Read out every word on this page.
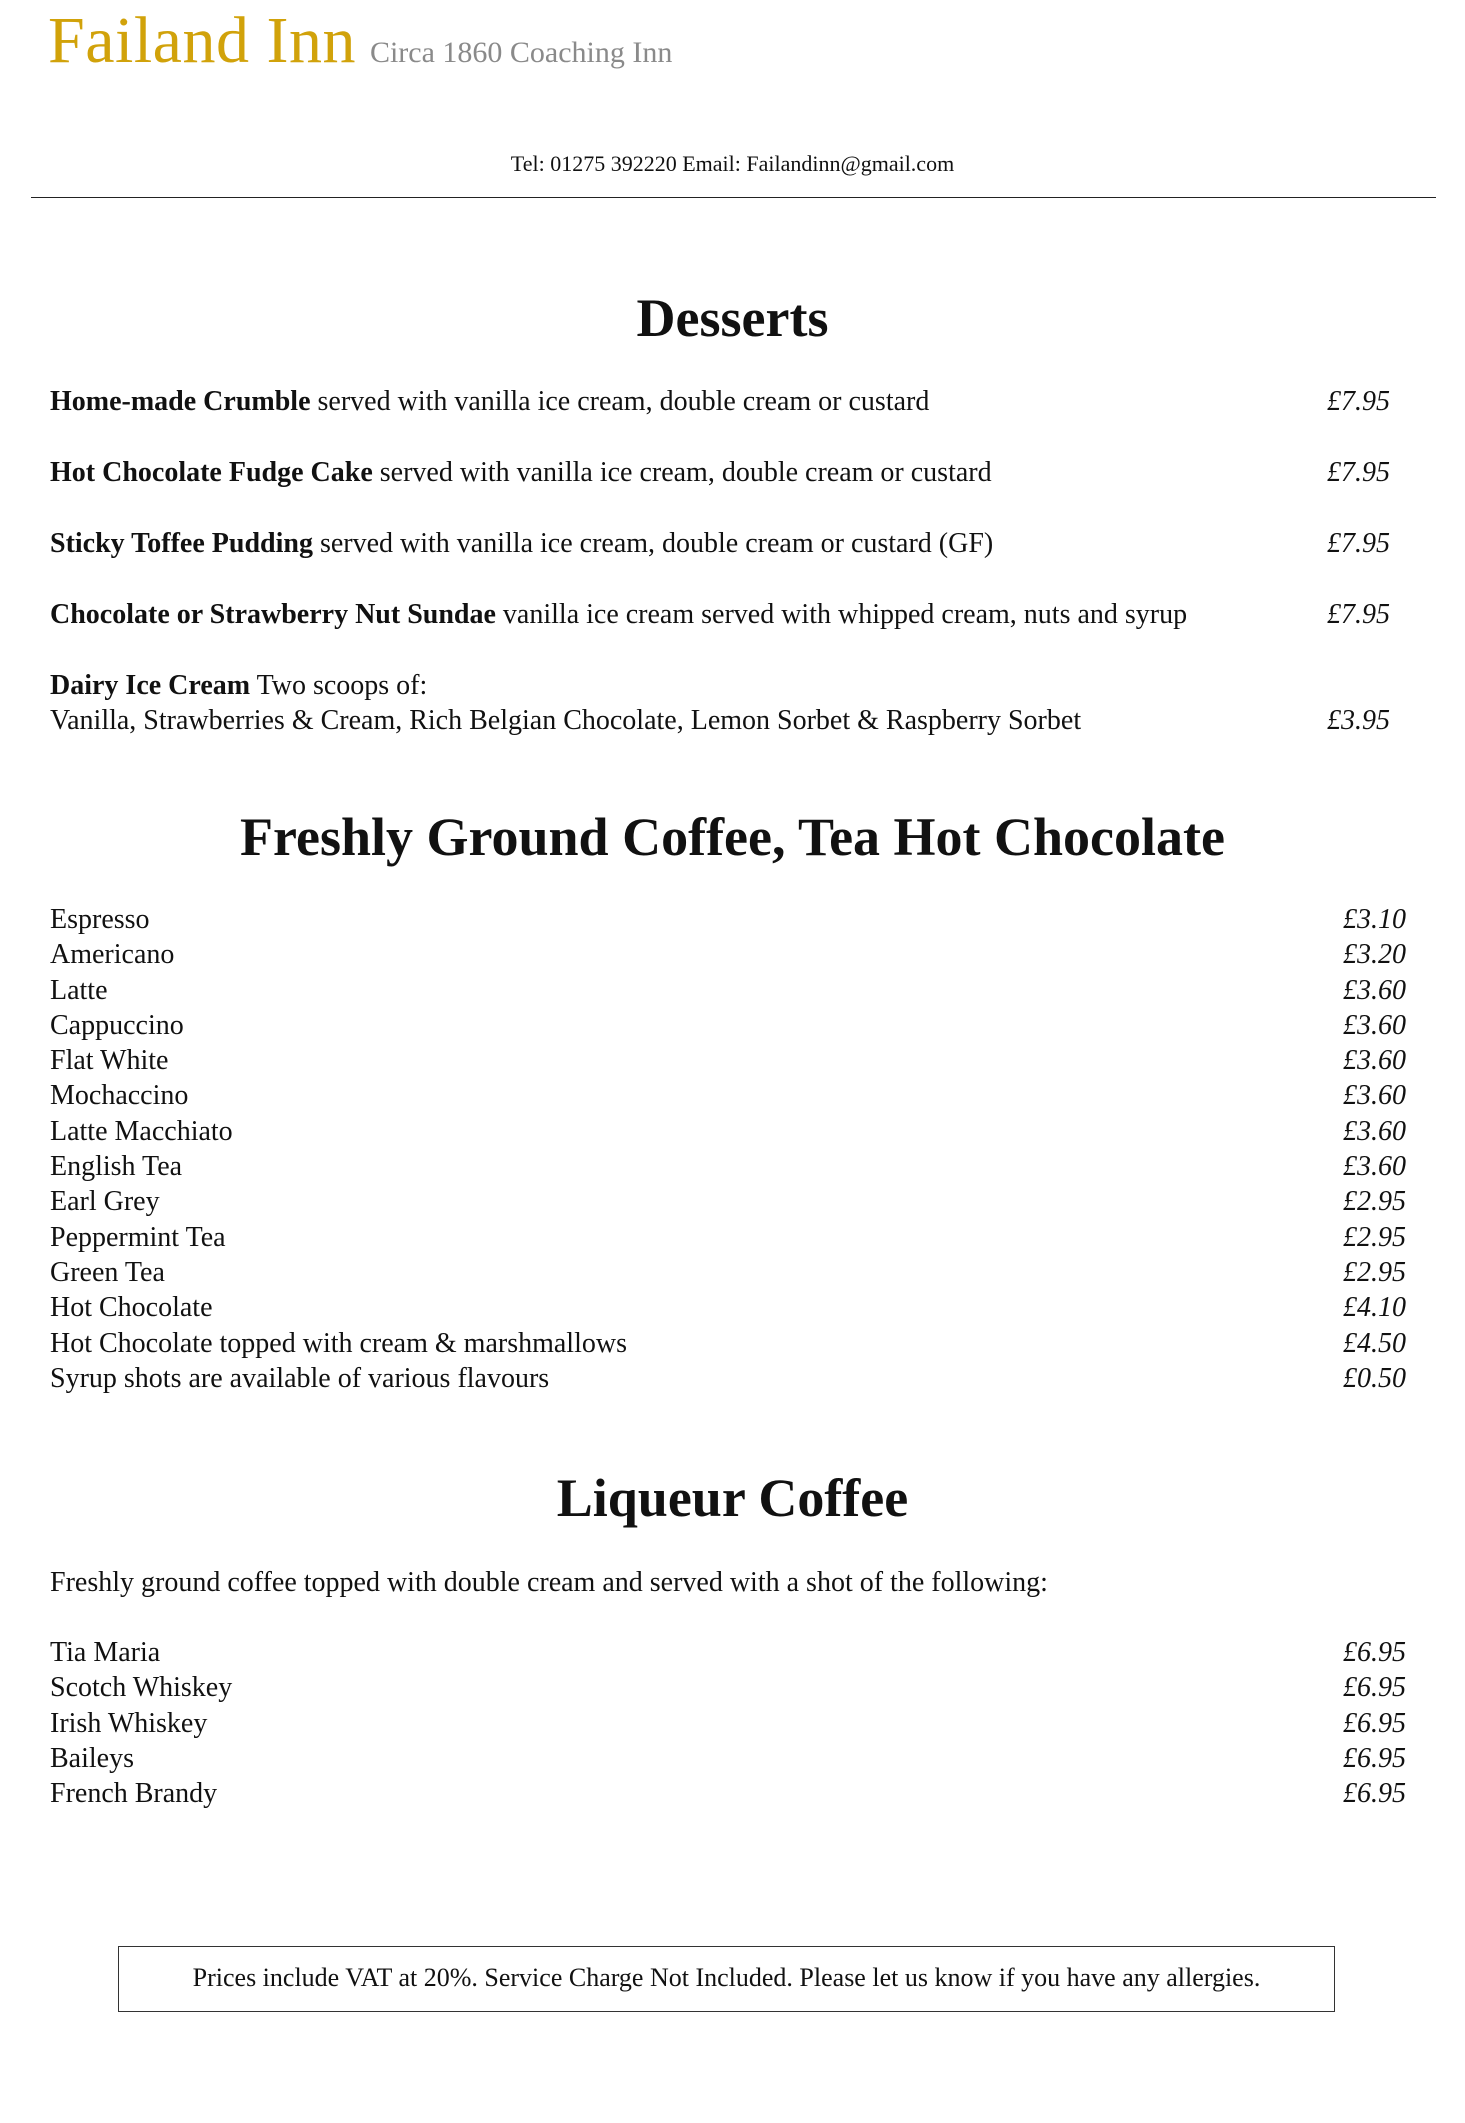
Failand Inn Circa 1860 Coaching Inn
Tel: 01275 392220 Email: Failandinn@gmail.com
Desserts
Home-made Crumble served with vanilla ice cream, double cream or custard	£7.95
Hot Chocolate Fudge Cake served with vanilla ice cream, double cream or custard	£7.95
Sticky Toffee Pudding served with vanilla ice cream, double cream or custard (GF)	£7.95
Chocolate or Strawberry Nut Sundae vanilla ice cream served with whipped cream, nuts and syrup	£7.95
Dairy Ice Cream Two scoops of:
Vanilla, Strawberries & Cream, Rich Belgian Chocolate, Lemon Sorbet & Raspberry Sorbet	£3.95
Freshly Ground Coffee, Tea Hot Chocolate
Espresso	£3.10
Americano	£3.20
Latte	£3.60
Cappuccino	£3.60
Flat White	£3.60
Mochaccino	£3.60
Latte Macchiato	£3.60
English Tea	£3.60
Earl Grey	£2.95
Peppermint Tea	£2.95
Green Tea	£2.95
Hot Chocolate	£4.10
Hot Chocolate topped with cream & marshmallows	£4.50
Syrup shots are available of various flavours	£0.50
Liqueur Coffee
Freshly ground coffee topped with double cream and served with a shot of the following:
Tia Maria	£6.95
Scotch Whiskey	£6.95
Irish Whiskey	£6.95
Baileys	£6.95
French Brandy	£6.95
Prices include VAT at 20%. Service Charge Not Included. Please let us know if you have any allergies.
